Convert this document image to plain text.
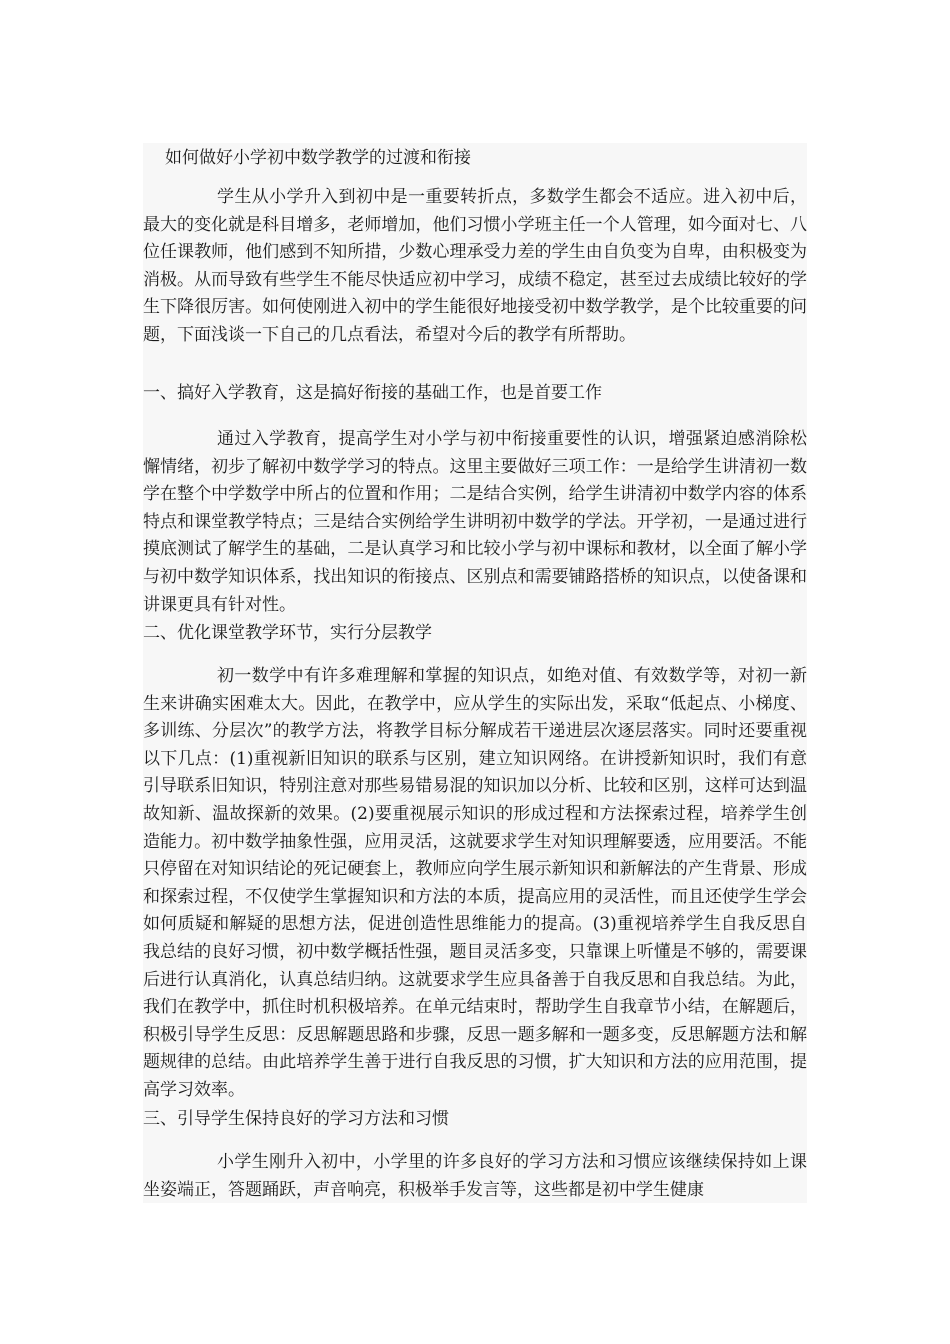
如何做好小学初中数学教学的过渡和衔接

学生从小学升入到初中是一重要转折点，多数学生都会不适应。进入初中后，最大的变化就是科目增多，老师增加，他们习惯小学班主任一个人管理，如今面对七、八位任课教师，他们感到不知所措，少数心理承受力差的学生由自负变为自卑，由积极变为消极。从而导致有些学生不能尽快适应初中学习，成绩不稳定，甚至过去成绩比较好的学生下降很厉害。如何使刚进入初中的学生能很好地接受初中数学教学，是个比较重要的问题，下面浅谈一下自己的几点看法，希望对今后的教学有所帮助。

一、搞好入学教育，这是搞好衔接的基础工作，也是首要工作

通过入学教育，提高学生对小学与初中衔接重要性的认识，增强紧迫感消除松懈情绪，初步了解初中数学学习的特点。这里主要做好三项工作：一是给学生讲清初一数学在整个中学数学中所占的位置和作用；二是结合实例，给学生讲清初中数学内容的体系特点和课堂教学特点；三是结合实例给学生讲明初中数学的学法。开学初，一是通过进行摸底测试了解学生的基础，二是认真学习和比较小学与初中课标和教材，以全面了解小学与初中数学知识体系，找出知识的衔接点、区别点和需要铺路搭桥的知识点，以使备课和讲课更具有针对性。

二、优化课堂教学环节，实行分层教学

初一数学中有许多难理解和掌握的知识点，如绝对值、有效数学等，对初一新生来讲确实困难太大。因此，在教学中，应从学生的实际出发，采取“低起点、小梯度、多训练、分层次”的教学方法，将教学目标分解成若干递进层次逐层落实。同时还要重视以下几点：(1)重视新旧知识的联系与区别，建立知识网络。在讲授新知识时，我们有意引导联系旧知识，特别注意对那些易错易混的知识加以分析、比较和区别，这样可达到温故知新、温故探新的效果。(2)要重视展示知识的形成过程和方法探索过程，培养学生创造能力。初中数学抽象性强，应用灵活，这就要求学生对知识理解要透，应用要活。不能只停留在对知识结论的死记硬套上，教师应向学生展示新知识和新解法的产生背景、形成和探索过程，不仅使学生掌握知识和方法的本质，提高应用的灵活性，而且还使学生学会如何质疑和解疑的思想方法，促进创造性思维能力的提高。(3)重视培养学生自我反思自我总结的良好习惯，初中数学概括性强，题目灵活多变，只靠课上听懂是不够的，需要课后进行认真消化，认真总结归纳。这就要求学生应具备善于自我反思和自我总结。为此，我们在教学中，抓住时机积极培养。在单元结束时，帮助学生自我章节小结，在解题后，积极引导学生反思：反思解题思路和步骤，反思一题多解和一题多变，反思解题方法和解题规律的总结。由此培养学生善于进行自我反思的习惯，扩大知识和方法的应用范围，提高学习效率。

三、引导学生保持良好的学习方法和习惯

小学生刚升入初中，小学里的许多良好的学习方法和习惯应该继续保持如上课坐姿端正，答题踊跃，声音响亮，积极举手发言等，这些都是初中学生健康
